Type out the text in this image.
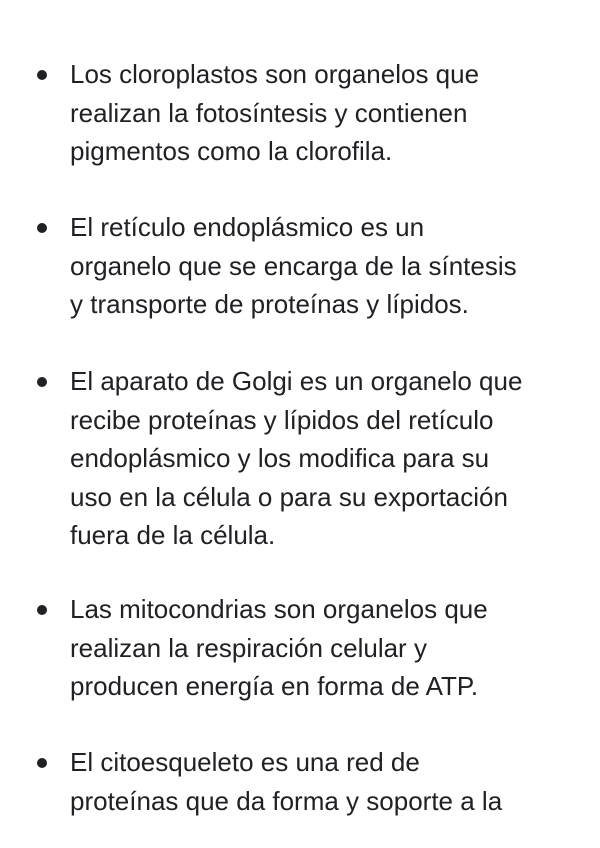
Los cloroplastos son organelos que
realizan la fotosíntesis y contienen
pigmentos como la clorofila.
El retículo endoplásmico es un
organelo que se encarga de la síntesis
y transporte de proteínas y lípidos.
El aparato de Golgi es un organelo que
recibe proteínas y lípidos del retículo
endoplásmico y los modifica para su
uso en la célula o para su exportación
fuera de la célula.
Las mitocondrias son organelos que
realizan la respiración celular y
producen energía en forma de ATP.
El citoesqueleto es una red de
proteínas que da forma y soporte a la
